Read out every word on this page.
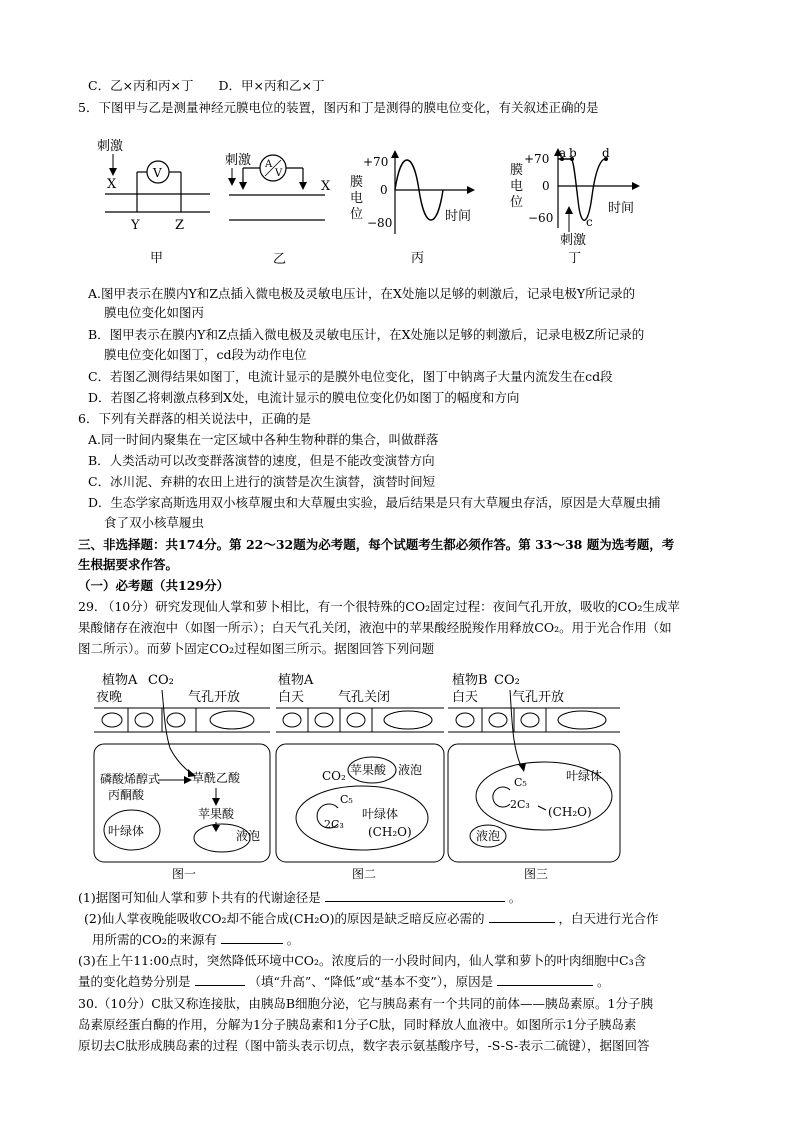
C．乙×丙和丙×丁　　D．甲×丙和乙×丁
5．下图甲与乙是测量神经元膜电位的装置，图丙和丁是测得的膜电位变化，有关叙述正确的是
刺激
X
V
Y	Z
甲
刺激 A
V
X
乙
+70
0
−80
膜
电
位	时间
丙
+70
0
−60
膜
电
位
a b
c
d
刺激
时间
丁
A.图甲表示在膜内Y和Z点插入微电极及灵敏电压计，在X处施以足够的刺激后，记录电极Y所记录的
膜电位变化如图丙
B．图甲表示在膜内Y和Z点插入微电极及灵敏电压计，在X处施以足够的刺激后，记录电极Z所记录的
膜电位变化如图丁，cd段为动作电位
C．若图乙测得结果如图丁，电流计显示的是膜外电位变化，图丁中钠离子大量内流发生在cd段
D．若图乙将刺激点移到X处，电流计显示的膜电位变化仍如图丁的幅度和方向
6．下列有关群落的相关说法中，正确的是
A.同一时间内聚集在一定区域中各种生物种群的集合，叫做群落
B．人类活动可以改变群落演替的速度，但是不能改变演替方向
C．冰川泥、弃耕的农田上进行的演替是次生演替，演替时间短
D．生态学家高斯选用双小核草履虫和大草履虫实验，最后结果是只有大草履虫存活，原因是大草履虫捕
食了双小核草履虫
三、非选择题：共174分。第 22～32题为必考题，每个试题考生都必须作答。第 33～38 题为选考题，考
生根据要求作答。
（一）必考题（共129分）
29. （10分）研究发现仙人掌和萝卜相比，有一个很特殊的CO₂固定过程：夜间气孔开放，吸收的CO₂生成苹
果酸储存在液泡中（如图一所示）；白天气孔关闭，液泡中的苹果酸经脱羧作用释放CO₂。用于光合作用（如
图二所示）。而萝卜固定CO₂过程如图三所示。据图回答下列问题
植物A CO₂
夜晚	气孔开放
磷酸烯醇式
丙酮酸
草酰乙酸
苹果酸
液泡
叶绿体
图一
植物A
白天	气孔关闭
苹果酸 液泡
CO₂
C₅
2C₃
叶绿体
(CH₂O)
图二
植物B CO₂
白天	气孔开放
叶绿体
C₅
2C₃
(CH₂O)
液泡
图三
(1)据图可知仙人掌和萝卜共有的代谢途径是	。
(2)仙人掌夜晚能吸收CO₂却不能合成(CH₂O)的原因是缺乏暗反应必需的	，白天进行光合作
用所需的CO₂的来源有	。
(3)在上午11:00点时，突然降低环境中CO₂。浓度后的一小段时间内，仙人掌和萝卜的叶肉细胞中C₃含
量的变化趋势分别是	（填“升高”、“降低”或“基本不变”），原因是	。
30.（10分）C肽又称连接肽，由胰岛B细胞分泌，它与胰岛素有一个共同的前体——胰岛素原。1分子胰
岛素原经蛋白酶的作用，分解为1分子胰岛素和1分子C肽，同时释放人血液中。如图所示1分子胰岛素
原切去C肽形成胰岛素的过程（图中箭头表示切点，数字表示氨基酸序号，-S-S-表示二硫键），据图回答
